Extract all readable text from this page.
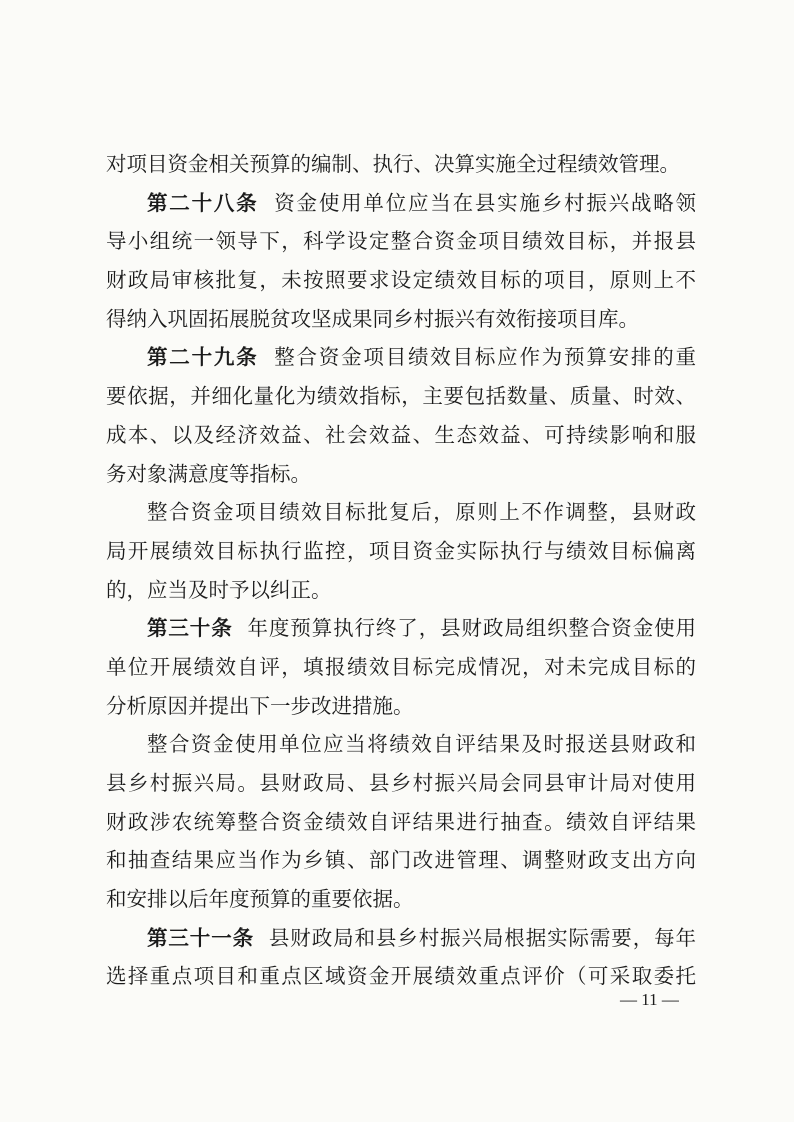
对项目资金相关预算的编制、执行、决算实施全过程绩效管理。
第二十八条 资金使用单位应当在县实施乡村振兴战略领
导小组统一领导下，科学设定整合资金项目绩效目标，并报县
财政局审核批复，未按照要求设定绩效目标的项目，原则上不
得纳入巩固拓展脱贫攻坚成果同乡村振兴有效衔接项目库。
第二十九条 整合资金项目绩效目标应作为预算安排的重
要依据，并细化量化为绩效指标，主要包括数量、质量、时效、
成本、以及经济效益、社会效益、生态效益、可持续影响和服
务对象满意度等指标。
整合资金项目绩效目标批复后，原则上不作调整，县财政
局开展绩效目标执行监控，项目资金实际执行与绩效目标偏离
的，应当及时予以纠正。
第三十条 年度预算执行终了，县财政局组织整合资金使用
单位开展绩效自评，填报绩效目标完成情况，对未完成目标的
分析原因并提出下一步改进措施。
整合资金使用单位应当将绩效自评结果及时报送县财政和
县乡村振兴局。县财政局、县乡村振兴局会同县审计局对使用
财政涉农统筹整合资金绩效自评结果进行抽查。绩效自评结果
和抽查结果应当作为乡镇、部门改进管理、调整财政支出方向
和安排以后年度预算的重要依据。
第三十一条 县财政局和县乡村振兴局根据实际需要，每年
选择重点项目和重点区域资金开展绩效重点评价（可采取委托
— 11 —
